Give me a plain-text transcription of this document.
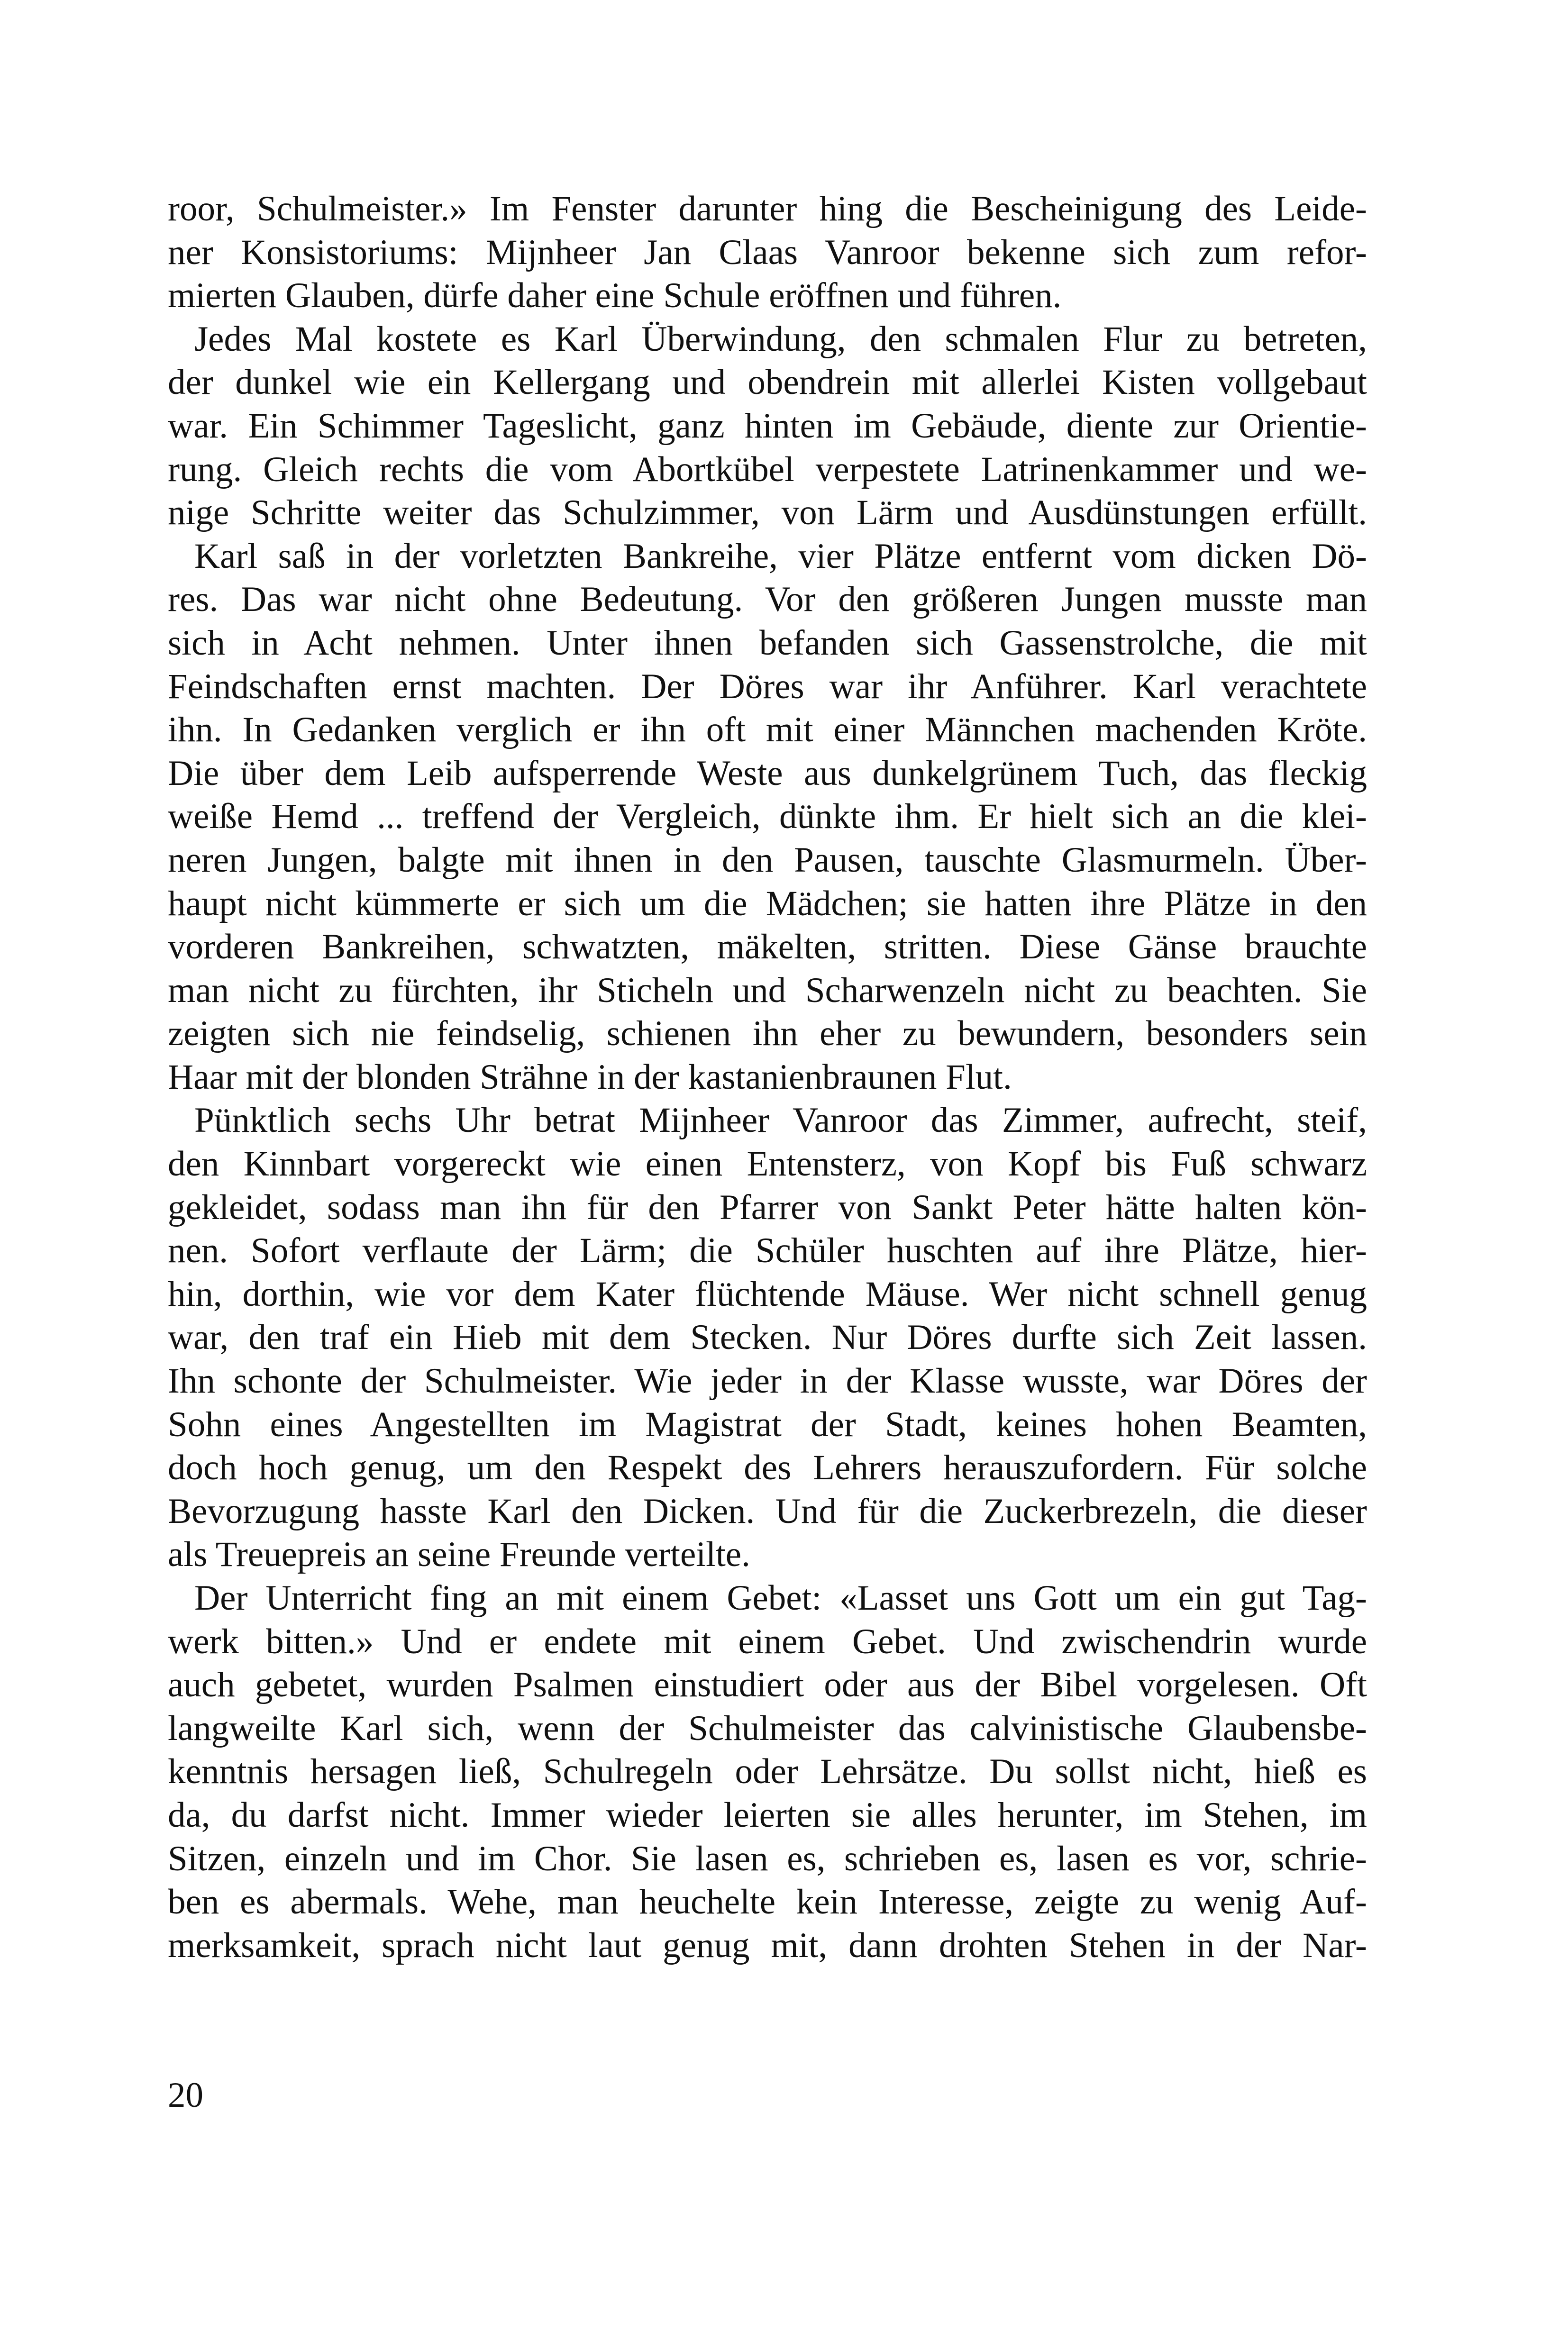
roor, Schulmeister.» Im Fenster darunter hing die Bescheinigung des Leide-
ner Konsistoriums: Mijnheer Jan Claas Vanroor bekenne sich zum refor-
mierten Glauben, dürfe daher eine Schule eröffnen und führen.
Jedes Mal kostete es Karl Überwindung, den schmalen Flur zu betreten,
der dunkel wie ein Kellergang und obendrein mit allerlei Kisten vollgebaut
war. Ein Schimmer Tageslicht, ganz hinten im Gebäude, diente zur Orientie-
rung. Gleich rechts die vom Abortkübel verpestete Latrinenkammer und we-
nige Schritte weiter das Schulzimmer, von Lärm und Ausdünstungen erfüllt.
Karl saß in der vorletzten Bankreihe, vier Plätze entfernt vom dicken Dö-
res. Das war nicht ohne Bedeutung. Vor den größeren Jungen musste man
sich in Acht nehmen. Unter ihnen befanden sich Gassenstrolche, die mit
Feindschaften ernst machten. Der Döres war ihr Anführer. Karl verachtete
ihn. In Gedanken verglich er ihn oft mit einer Männchen machenden Kröte.
Die über dem Leib aufsperrende Weste aus dunkelgrünem Tuch, das fleckig
weiße Hemd ... treffend der Vergleich, dünkte ihm. Er hielt sich an die klei-
neren Jungen, balgte mit ihnen in den Pausen, tauschte Glasmurmeln. Über-
haupt nicht kümmerte er sich um die Mädchen; sie hatten ihre Plätze in den
vorderen Bankreihen, schwatzten, mäkelten, stritten. Diese Gänse brauchte
man nicht zu fürchten, ihr Sticheln und Scharwenzeln nicht zu beachten. Sie
zeigten sich nie feindselig, schienen ihn eher zu bewundern, besonders sein
Haar mit der blonden Strähne in der kastanienbraunen Flut.
Pünktlich sechs Uhr betrat Mijnheer Vanroor das Zimmer, aufrecht, steif,
den Kinnbart vorgereckt wie einen Entensterz, von Kopf bis Fuß schwarz
gekleidet, sodass man ihn für den Pfarrer von Sankt Peter hätte halten kön-
nen. Sofort verflaute der Lärm; die Schüler huschten auf ihre Plätze, hier-
hin, dorthin, wie vor dem Kater flüchtende Mäuse. Wer nicht schnell genug
war, den traf ein Hieb mit dem Stecken. Nur Döres durfte sich Zeit lassen.
Ihn schonte der Schulmeister. Wie jeder in der Klasse wusste, war Döres der
Sohn eines Angestellten im Magistrat der Stadt, keines hohen Beamten,
doch hoch genug, um den Respekt des Lehrers herauszufordern. Für solche
Bevorzugung hasste Karl den Dicken. Und für die Zuckerbrezeln, die dieser
als Treuepreis an seine Freunde verteilte.
Der Unterricht fing an mit einem Gebet: «Lasset uns Gott um ein gut Tag-
werk bitten.» Und er endete mit einem Gebet. Und zwischendrin wurde
auch gebetet, wurden Psalmen einstudiert oder aus der Bibel vorgelesen. Oft
langweilte Karl sich, wenn der Schulmeister das calvinistische Glaubensbe-
kenntnis hersagen ließ, Schulregeln oder Lehrsätze. Du sollst nicht, hieß es
da, du darfst nicht. Immer wieder leierten sie alles herunter, im Stehen, im
Sitzen, einzeln und im Chor. Sie lasen es, schrieben es, lasen es vor, schrie-
ben es abermals. Wehe, man heuchelte kein Interesse, zeigte zu wenig Auf-
merksamkeit, sprach nicht laut genug mit, dann drohten Stehen in der Nar-
20
